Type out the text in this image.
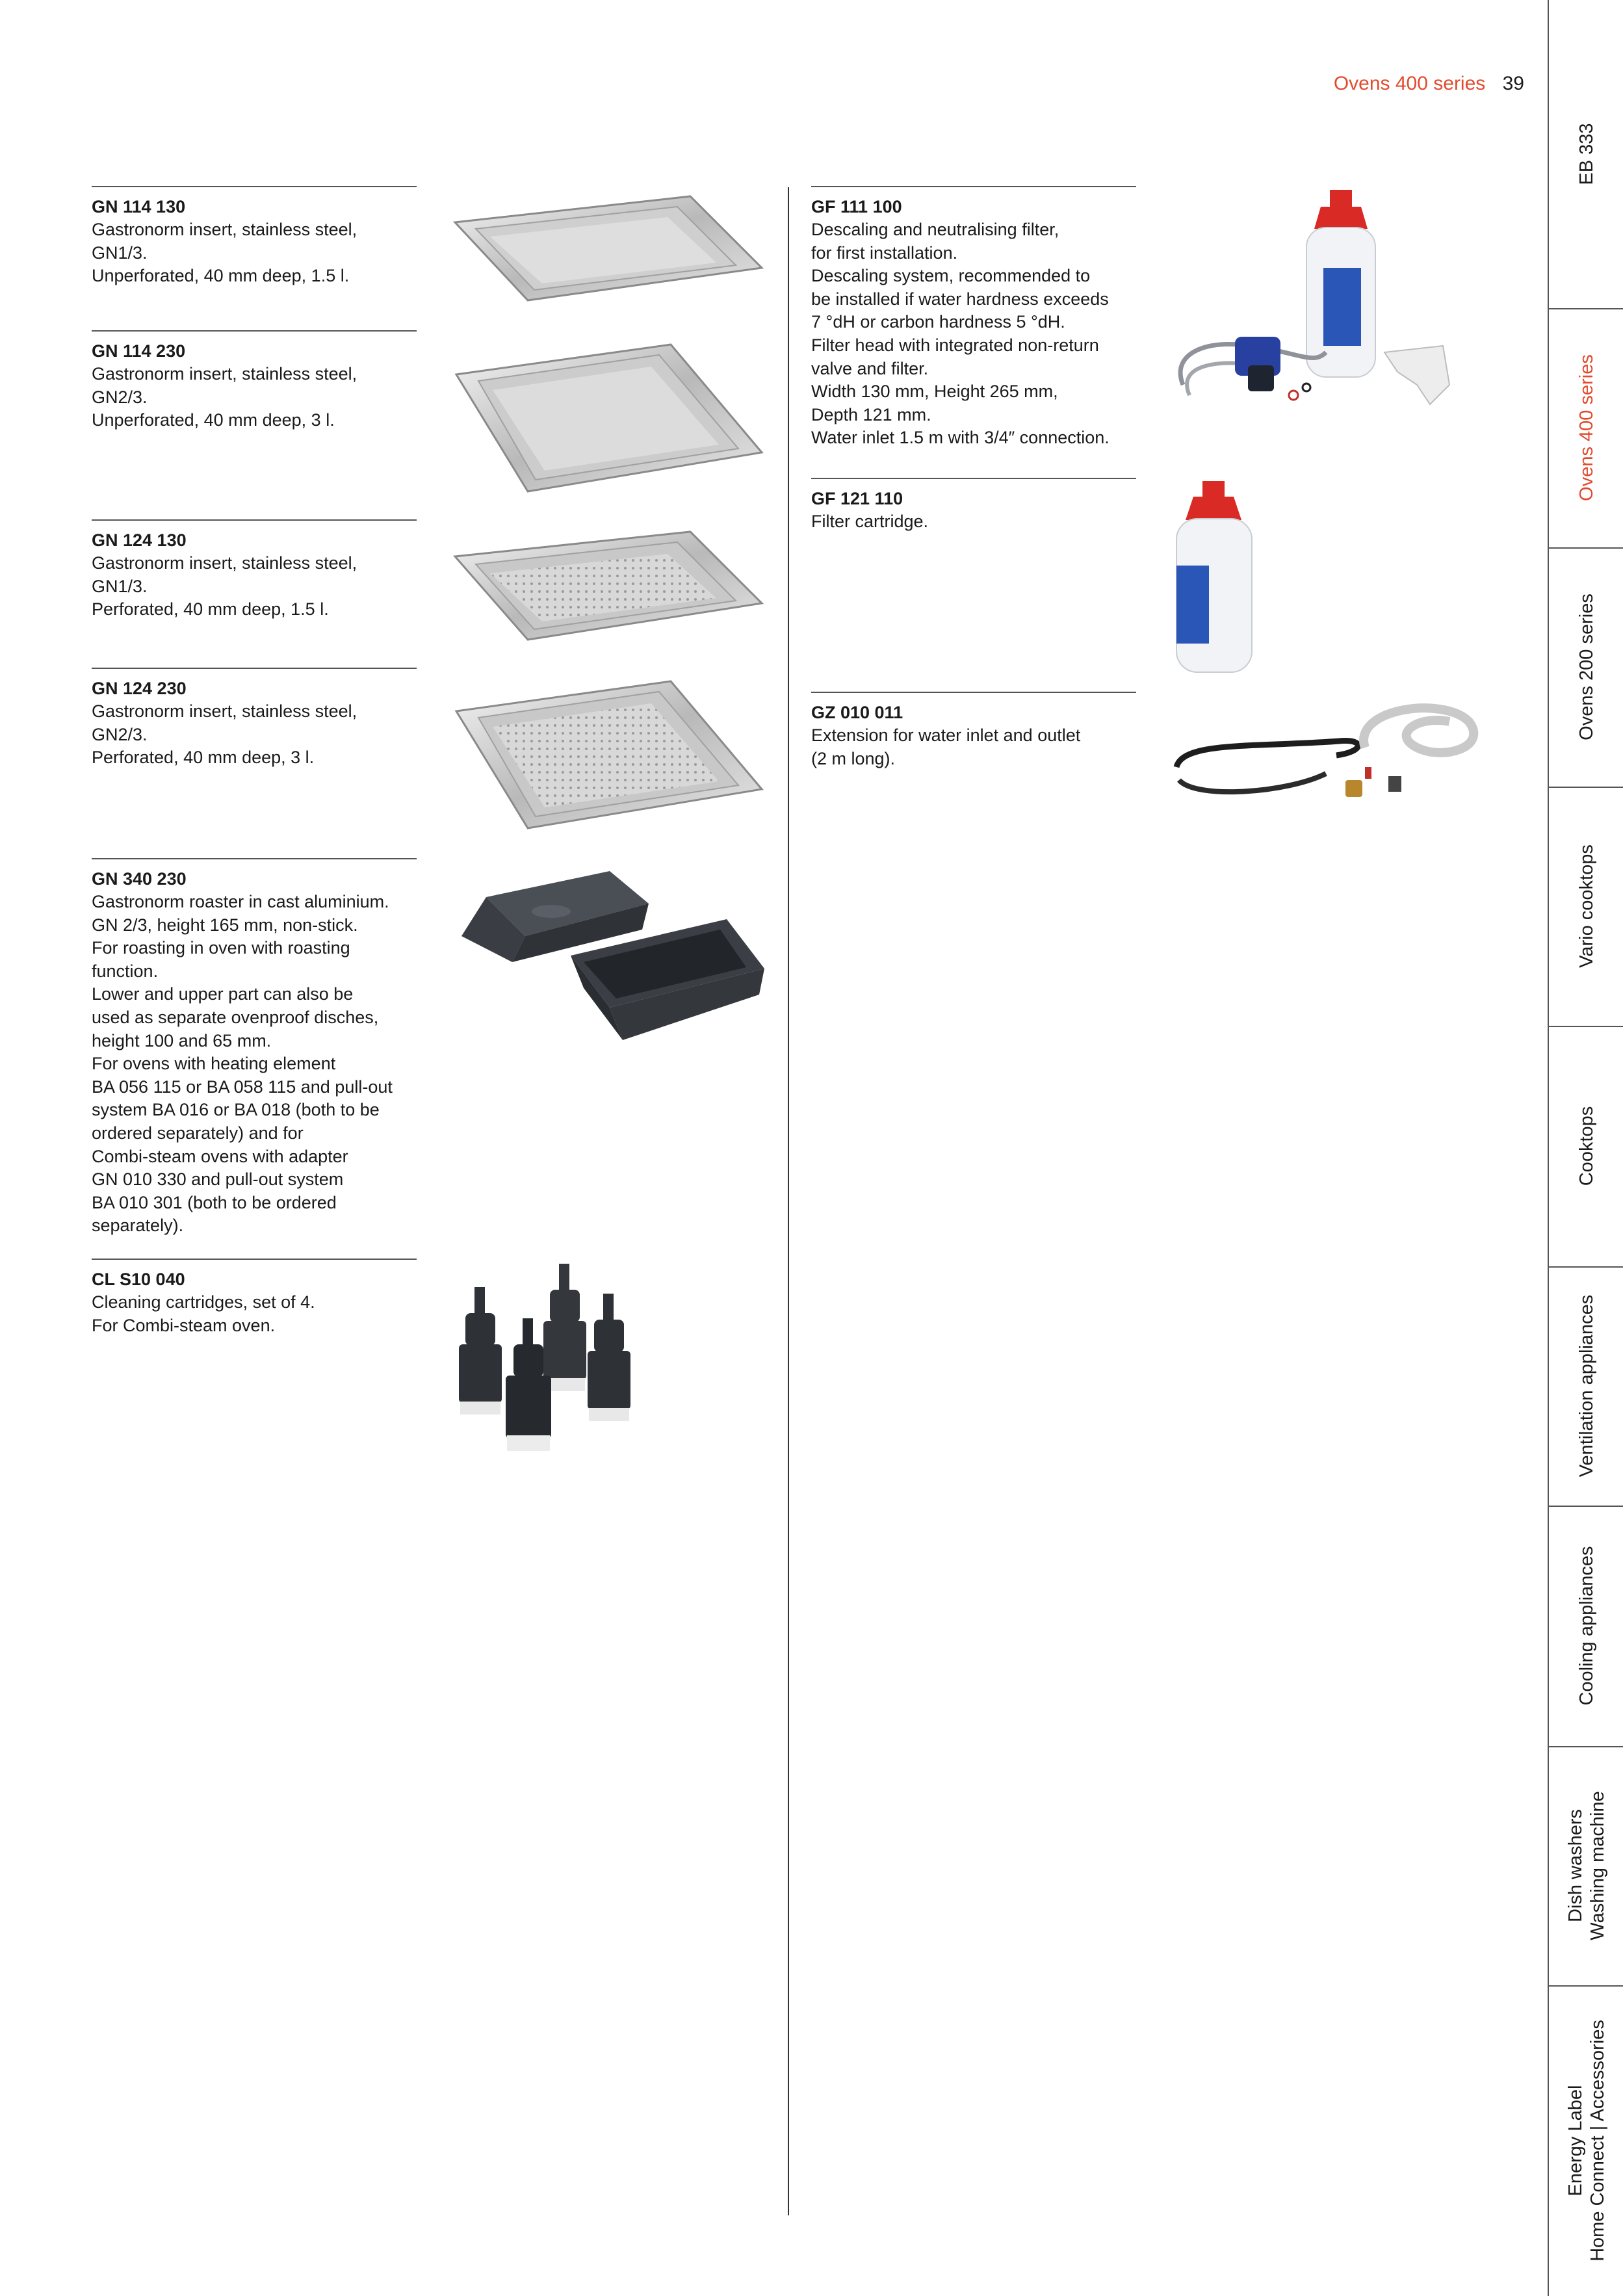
Ovens 400 series 39
GN 114 130
Gastronorm insert, stainless steel,
GN1/3.
Unperforated, 40 mm deep, 1.5 l.
GN 114 230
Gastronorm insert, stainless steel,
GN2/3.
Unperforated, 40 mm deep, 3 l.
GN 124 130
Gastronorm insert, stainless steel,
GN1/3.
Perforated, 40 mm deep, 1.5 l.
GN 124 230
Gastronorm insert, stainless steel,
GN2/3.
Perforated, 40 mm deep, 3 l.
GN 340 230
Gastronorm roaster in cast aluminium.
GN 2/3, height 165 mm, non-stick.
For roasting in oven with roasting
function.
Lower and upper part can also be
used as separate ovenproof disches,
height 100 and 65 mm.
For ovens with heating element
BA 056 115 or BA 058 115 and pull-out
system BA 016 or BA 018 (both to be
ordered separately) and for
Combi-steam ovens with adapter
GN 010 330 and pull-out system
BA 010 301 (both to be ordered
separately).
CL S10 040
Cleaning cartridges, set of 4.
For Combi-steam oven.
GF 111 100
Descaling and neutralising filter,
for first installation.
Descaling system, recommended to
be installed if water hardness exceeds
7 °dH or carbon hardness 5 °dH.
Filter head with integrated non-return
valve and filter.
Width 130 mm, Height 265 mm,
Depth 121 mm.
Water inlet 1.5 m with 3/4″ connection.
GF 121 110
Filter cartridge.
GZ 010 011
Extension for water inlet and outlet
(2 m long).
EB 333
Ovens 400 series
Ovens 200 series
Vario cooktops
Cooktops
Ventilation appliances
Cooling appliances
Dish washers Washing machine
Energy Label Home Connect | Accessories
